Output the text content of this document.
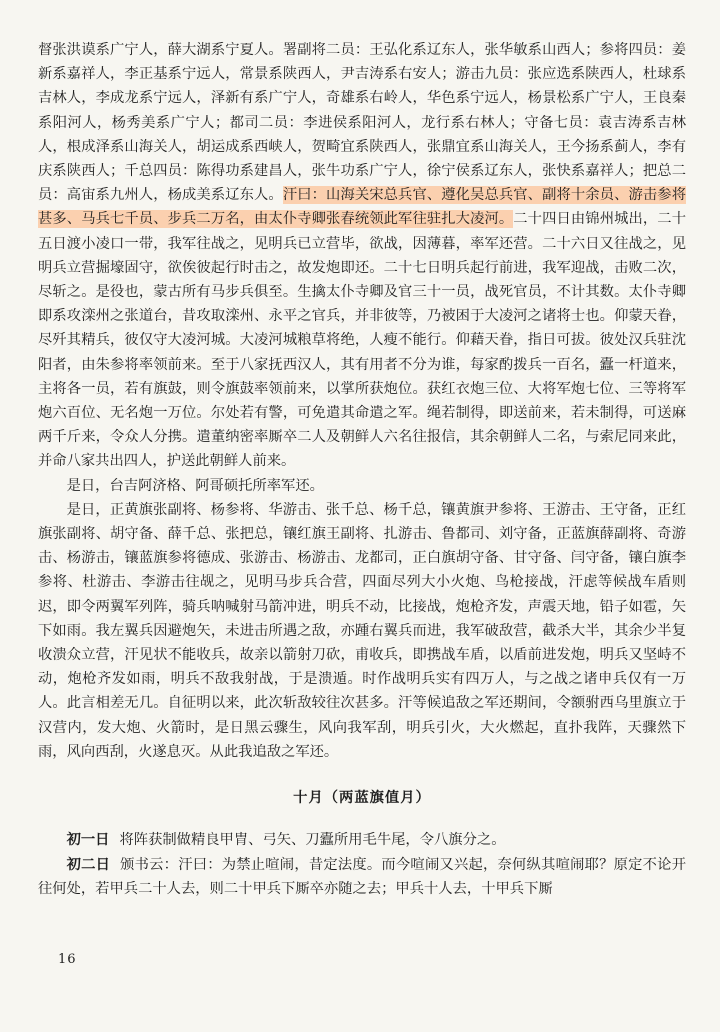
督张洪谟系广宁人，薛大湖系宁夏人。署副将二员：王弘化系辽东人，张华敏系山西人；参将四员：姜新系嘉祥人，李正基系宁远人，常景系陕西人，尹吉涛系右安人；游击九员：张应选系陕西人，杜球系吉林人，李成龙系宁远人，泽新有系广宁人，奇雄系右岭人，华色系宁远人，杨景松系广宁人，王良秦系阳河人，杨秀美系广宁人；都司二员：李进侯系阳河人，龙行系右林人；守备七员：袁吉涛系吉林人，根成泽系山海关人，胡运成系西峡人，贺畸宜系陕西人，张鼎宜系山海关人，王今扬系蓟人，李有庆系陕西人；千总四员：陈得功系建昌人，张牛功系广宁人，徐宁侯系辽东人，张快系嘉祥人；把总二员：高宙系九州人，杨成美系辽东人。汗曰：山海关宋总兵官、遵化吴总兵官、副将十余员、游击参将甚多、马兵七千员、步兵二万名，由太仆寺卿张春统领此军往驻扎大凌河。二十四日由锦州城出，二十五日渡小凌口一带，我军往战之，见明兵已立营毕，欲战，因薄暮，率军还营。二十六日又往战之，见明兵立营掘壕固守，欲俟彼起行时击之，故发炮即还。二十七日明兵起行前进，我军迎战，击败二次，尽斩之。是役也，蒙古所有马步兵俱至。生擒太仆寺卿及官三十一员，战死官员，不计其数。太仆寺卿即系攻滦州之张道台，昔攻取滦州、永平之官兵，并非彼等，乃被困于大凌河之诸将士也。仰蒙天眷，尽歼其精兵，彼仅守大凌河城。大凌河城粮草将绝，人瘦不能行。仰藉天眷，指日可拔。彼处汉兵驻沈阳者，由朱参将率领前来。至于八家抚西汉人，其有用者不分为谁，每家酌拨兵一百名，蠹一杆道来，主将各一员，若有旗鼓，则令旗鼓率领前来，以掌所获炮位。获红衣炮三位、大将军炮七位、三等将军炮六百位、无名炮一万位。尔处若有警，可免遣其命遣之军。绳若制得，即送前来，若未制得，可送麻两千斤来，令众人分携。遣董纳密率厮卒二人及朝鲜人六名往报信，其余朝鲜人二名，与索尼同来此，并命八家共出四人，护送此朝鲜人前来。

是日，台吉阿济格、阿哥硕托所率军还。

是日，正黄旗张副将、杨参将、华游击、张千总、杨千总，镶黄旗尹参将、王游击、王守备，正红旗张副将、胡守备、薛千总、张把总，镶红旗王副将、扎游击、鲁都司、刘守备，正蓝旗薛副将、奇游击、杨游击，镶蓝旗参将德成、张游击、杨游击、龙都司，正白旗胡守备、甘守备、闫守备，镶白旗李参将、杜游击、李游击往觇之，见明马步兵合营，四面尽列大小火炮、鸟枪接战，汗虑等候战车盾则迟，即令两翼军列阵，骑兵呐喊射马箭冲进，明兵不动，比接战，炮枪齐发，声震天地，铅子如雹，矢下如雨。我左翼兵因避炮矢，未进击所遇之敌，亦踵右翼兵而进，我军破敌营，截杀大半，其余少半复收溃众立营，汗见状不能收兵，故亲以箭射刀砍，甫收兵，即携战车盾，以盾前进发炮，明兵又坚峙不动，炮枪齐发如雨，明兵不敌我射战，于是溃遁。时作战明兵实有四万人，与之战之诸申兵仅有一万人。此言相差无几。自征明以来，此次斩敌较往次甚多。汗等候追敌之军还期间，令额驸西乌里旗立于汉营内，发大炮、火箭时，是日黑云骤生，风向我军刮，明兵引火，大火燃起，直扑我阵，天骤然下雨，风向西刮，火遂息灭。从此我追敌之军还。

十月（两蓝旗值月）

初一日 将阵获制做精良甲胄、弓矢、刀蠹所用毛牛尾，令八旗分之。

初二日 颁书云：汗曰：为禁止喧闹，昔定法度。而今喧闹又兴起，奈何纵其喧闹耶？原定不论开往何处，若甲兵二十人去，则二十甲兵下厮卒亦随之去；甲兵十人去，十甲兵下厮

16
